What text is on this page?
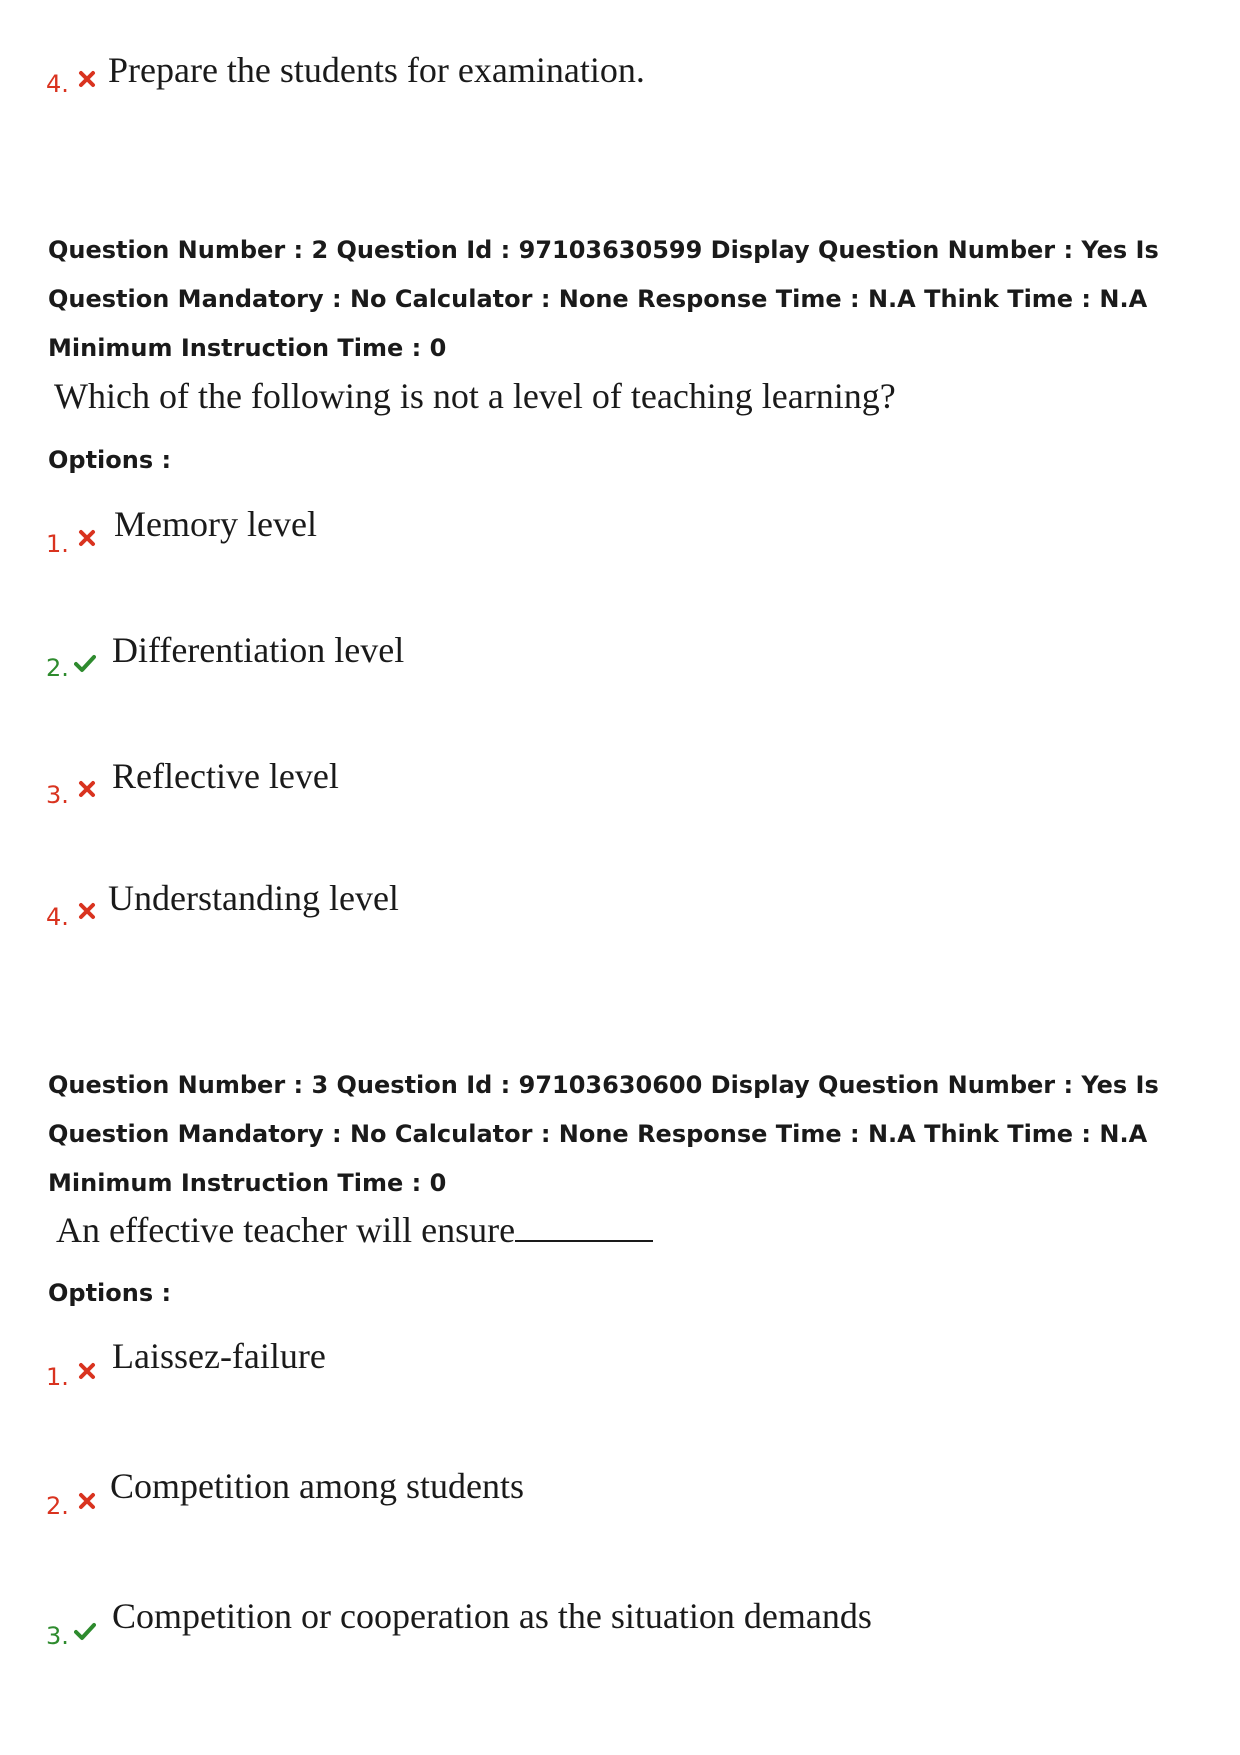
4. Prepare the students for examination.
Question Number : 2 Question Id : 97103630599 Display Question Number : Yes Is Question Mandatory : No Calculator : None Response Time : N.A Think Time : N.A Minimum Instruction Time : 0
Which of the following is not a level of teaching learning?
Options :
1. Memory level
2. Differentiation level
3. Reflective level
4. Understanding level
Question Number : 3 Question Id : 97103630600 Display Question Number : Yes Is Question Mandatory : No Calculator : None Response Time : N.A Think Time : N.A Minimum Instruction Time : 0
An effective teacher will ensure
Options :
1.
Laissez-failure
2. Competition among students
3. Competition or cooperation as the situation demands
